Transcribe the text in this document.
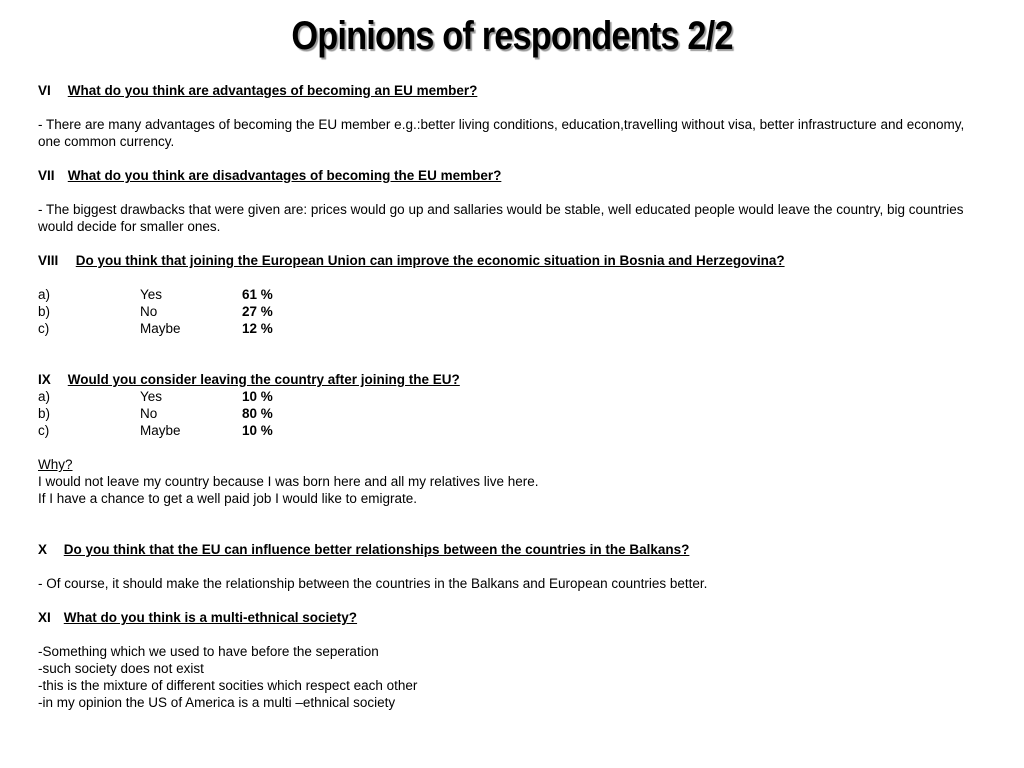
Opinions of respondents 2/2
VI What do you think are advantages of becoming an EU member?
- There are many advantages of becoming the EU member e.g.:better living conditions, education,travelling without visa, better infrastructure and economy,
one common currency.
VII What do you think are disadvantages of becoming the EU member?
- The biggest drawbacks that were given are: prices would go up and sallaries would be stable, well educated people would leave the country, big countries would decide for smaller ones.
VIII Do you think that joining the European Union can improve the economic situation in Bosnia and Herzegovina?
a)	Yes	61 %
b)	No	27 %
c)	Maybe	12 %
IX Would you consider leaving the country after joining the EU?
a)	Yes	10 %
b)	No	80 %
c)	Maybe	10 %
Why?
I would not leave my country because I was born here and all my relatives live here.
If I have a chance to get a well paid job I would like to emigrate.
X Do you think that the EU can influence better relationships between the countries in the Balkans?
- Of course, it should make the relationship between the countries in the Balkans and European countries better.
XI What do you think is a multi-ethnical society?
-Something which we used to have before the seperation
-such society does not exist
-this is the mixture of different socities which respect each other
-in my opinion the US of America is a multi –ethnical society
